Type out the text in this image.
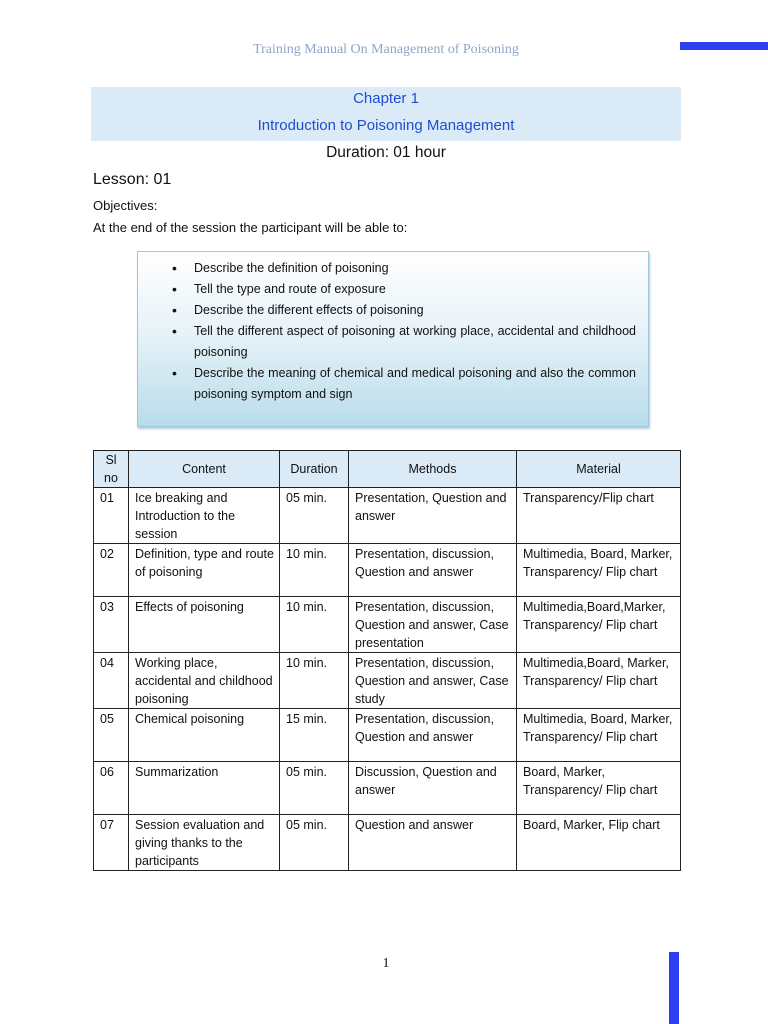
Training Manual On Management of Poisoning
Chapter 1
Introduction to Poisoning Management
Duration: 01 hour
Lesson: 01
Objectives:
At the end of the session the participant will be able to:
• Describe the definition of poisoning
• Tell the type and route of exposure
• Describe the different effects of poisoning
• Tell the different aspect of poisoning at working place, accidental and childhood poisoning
• Describe the meaning of chemical and medical poisoning and also the common poisoning symptom and sign
Sl no	Content	Duration	Methods	Material
01	Ice breaking and Introduction to the session	05 min.	Presentation, Question and answer	Transparency/Flip chart
02	Definition, type and route of poisoning	10 min.	Presentation, discussion, Question and answer	Multimedia, Board, Marker, Transparency/ Flip chart
03	Effects of poisoning	10 min.	Presentation, discussion, Question and answer, Case presentation	Multimedia,Board,Marker, Transparency/ Flip chart
04	Working place, accidental and childhood poisoning	10 min.	Presentation, discussion, Question and answer, Case study	Multimedia,Board, Marker, Transparency/ Flip chart
05	Chemical poisoning	15 min.	Presentation, discussion, Question and answer	Multimedia, Board, Marker, Transparency/ Flip chart
06	Summarization	05 min.	Discussion, Question and answer	Board, Marker, Transparency/ Flip chart
07	Session evaluation and giving thanks to the participants	05 min.	Question and answer	Board, Marker, Flip chart
1
